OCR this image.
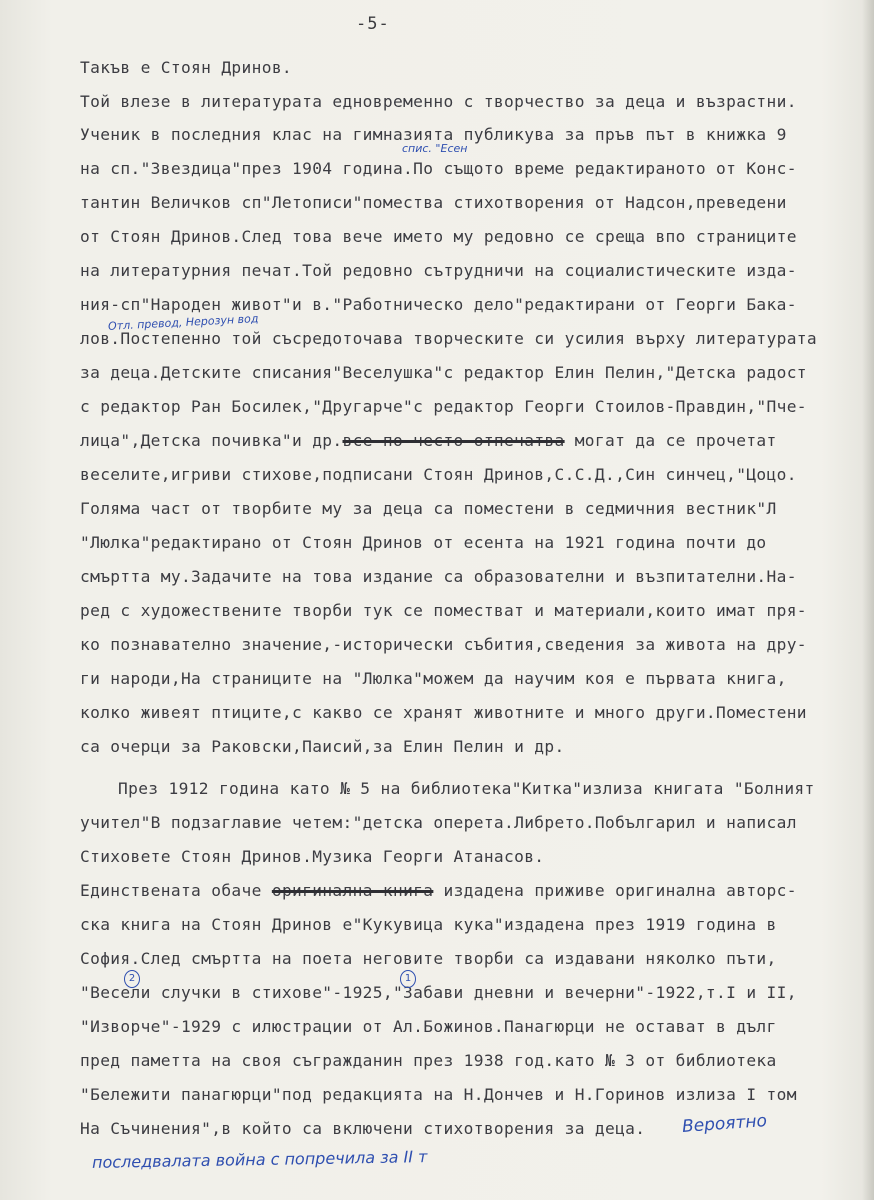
-5-
Такъв е Стоян Дринов.
Той влезе в литературата едновременно с творчество за деца и възрастни.
Ученик в последния клас на гимназията публикува за пръв път в книжка 9
на сп."Звездица"през 1904 година.По същото време редактираното от Конс-
тантин Величков сп"Летописи"помества стихотворения от Надсон,преведени
от Стоян Дринов.След това вече името му редовно се среща впо страниците
на литературния печат.Той редовно сътрудничи на социалистическите изда-
ния-сп"Народен живот"и в."Работническо дело"редактирани от Георги Бака-
лов.Постепенно той съсредоточава творческите си усилия върху литературата
за деца.Детските списания"Веселушка"с редактор Елин Пелин,"Детска радост
с редактор Ран Босилек,"Другарче"с редактор Георги Стоилов-Правдин,"Пче-
лица",Детска почивка"и др.все по-често отпечатва могат да се прочетат
веселите,игриви стихове,подписани Стоян Дринов,С.С.Д.,Син синчец,"Цоцо.
Голяма част от творбите му за деца са поместени в седмичния вестник"Л
"Люлка"редактирано от Стоян Дринов от есента на 1921 година почти до
смъртта му.Задачите на това издание са образователни и възпитателни.На-
ред с художествените творби тук се поместват и материали,които имат пря-
ко познавателно значение,-исторически събития,сведения за живота на дру-
ги народи,На страниците на "Люлка"можем да научим коя е първата книга,
колко живеят птиците,с какво се хранят животните и много други.Поместени
са очерци за Раковски,Паисий,за Елин Пелин и др.
През 1912 година като № 5 на библиотека"Китка"излиза книгата "Болният
учител"В подзаглавие четем:"детска оперета.Либрето.Побългарил и написал
Стиховете Стоян Дринов.Музика Георги Атанасов.
Единствената обаче оригинална книга издадена приживе оригинална авторс-
ска книга на Стоян Дринов е"Кукувица кука"издадена през 1919 година в
София.След смъртта на поета неговите творби са издавани няколко пъти,
"Весели случки в стихове"-1925,"Забави дневни и вечерни"-1922,т.I и II,
"Изворче"-1929 с илюстрации от Ал.Божинов.Панагюрци не остават в дълг
пред паметта на своя съгражданин през 1938 год.като № 3 от библиотека
"Бележити панагюрци"под редакцията на Н.Дончев и Н.Горинов излиза I том
На Съчинения",в който са включени стихотворения за деца.
спис. "Есен
Отл. превод, Нерозун вод
Вероятно
последвалата война с попречила за II т
2	1
